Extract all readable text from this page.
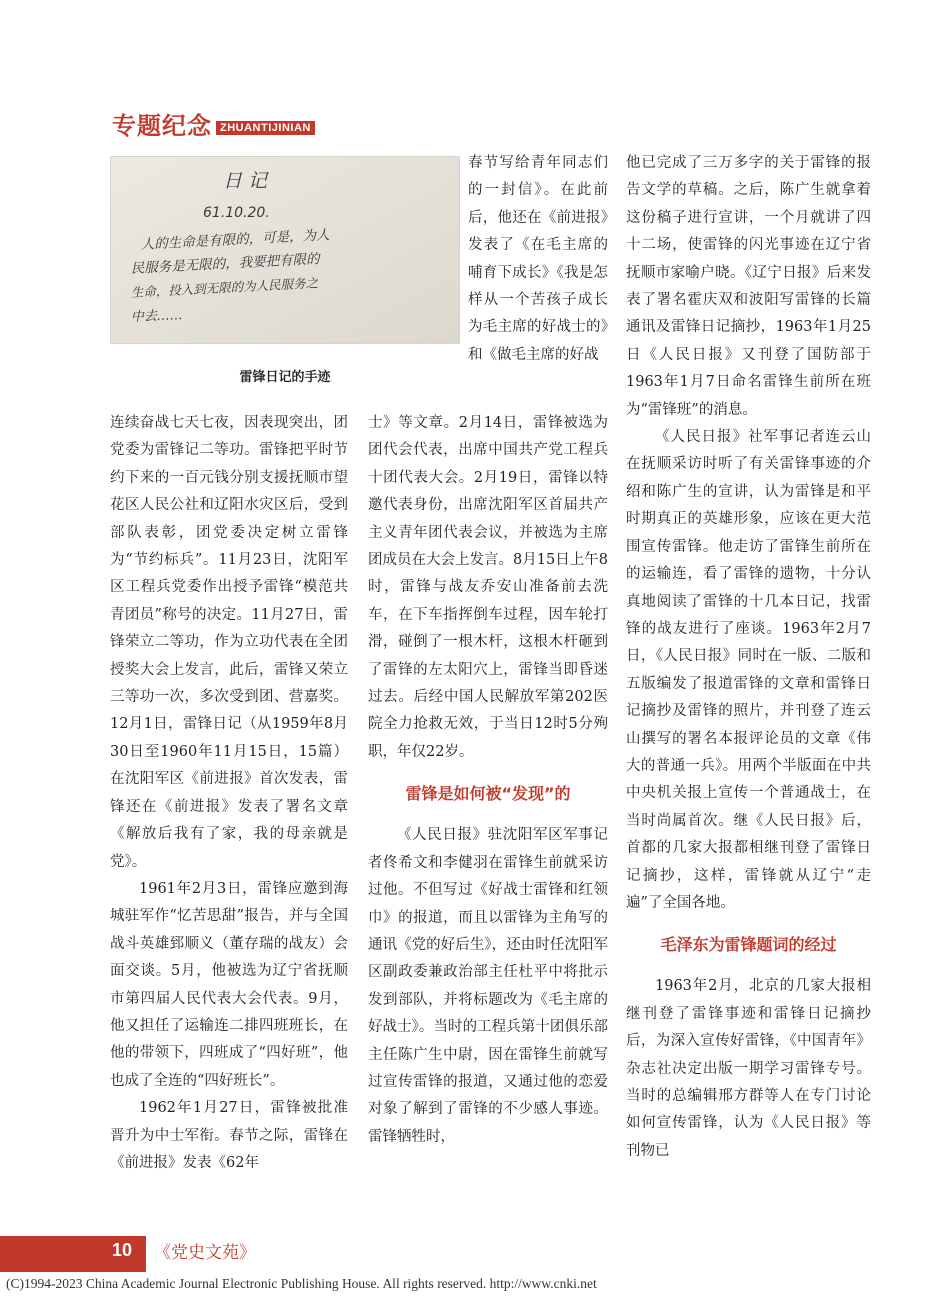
专题纪念 ZHUANTIJINIAN
日 记
61.10.20.
人的生命是有限的，可是，为人
民服务是无限的，我要把有限的
生命，投入到无限的为人民服务之
中去……
雷锋日记的手迹

春节写给青年同志们的一封信》。在此前后，他还在《前进报》发表了《在毛主席的哺育下成长》《我是怎样从一个苦孩子成长为毛主席的好战士的》和《做毛主席的好战

连续奋战七天七夜，因表现突出，团党委为雷锋记二等功。雷锋把平时节约下来的一百元钱分别支援抚顺市望花区人民公社和辽阳水灾区后，受到部队表彰，团党委决定树立雷锋为“节约标兵”。11月23日，沈阳军区工程兵党委作出授予雷锋“模范共青团员”称号的决定。11月27日，雷锋荣立二等功，作为立功代表在全团授奖大会上发言，此后，雷锋又荣立三等功一次，多次受到团、营嘉奖。12月1日，雷锋日记（从1959年8月30日至1960年11月15日，15篇）在沈阳军区《前进报》首次发表，雷锋还在《前进报》发表了署名文章《解放后我有了家，我的母亲就是党》。

1961年2月3日，雷锋应邀到海城驻军作“忆苦思甜”报告，并与全国战斗英雄郅顺义（董存瑞的战友）会面交谈。5月，他被选为辽宁省抚顺市第四届人民代表大会代表。9月，他又担任了运输连二排四班班长，在他的带领下，四班成了“四好班”，他也成了全连的“四好班长”。

1962年1月27日，雷锋被批准晋升为中士军衔。春节之际，雷锋在《前进报》发表《62年

士》等文章。2月14日，雷锋被选为团代会代表，出席中国共产党工程兵十团代表大会。2月19日，雷锋以特邀代表身份，出席沈阳军区首届共产主义青年团代表会议，并被选为主席团成员在大会上发言。8月15日上午8时，雷锋与战友乔安山准备前去洗车，在下车指挥倒车过程，因车轮打滑，碰倒了一根木杆，这根木杆砸到了雷锋的左太阳穴上，雷锋当即昏迷过去。后经中国人民解放军第202医院全力抢救无效，于当日12时5分殉职，年仅22岁。

雷锋是如何被“发现”的

《人民日报》驻沈阳军区军事记者佟希文和李健羽在雷锋生前就采访过他。不但写过《好战士雷锋和红领巾》的报道，而且以雷锋为主角写的通讯《党的好后生》，还由时任沈阳军区副政委兼政治部主任杜平中将批示发到部队，并将标题改为《毛主席的好战士》。当时的工程兵第十团俱乐部主任陈广生中尉，因在雷锋生前就写过宣传雷锋的报道，又通过他的恋爱对象了解到了雷锋的不少感人事迹。雷锋牺牲时，

他已完成了三万多字的关于雷锋的报告文学的草稿。之后，陈广生就拿着这份稿子进行宣讲，一个月就讲了四十二场，使雷锋的闪光事迹在辽宁省抚顺市家喻户晓。《辽宁日报》后来发表了署名霍庆双和波阳写雷锋的长篇通讯及雷锋日记摘抄，1963年1月25日《人民日报》又刊登了国防部于1963年1月7日命名雷锋生前所在班为“雷锋班”的消息。

《人民日报》社军事记者连云山在抚顺采访时听了有关雷锋事迹的介绍和陈广生的宣讲，认为雷锋是和平时期真正的英雄形象，应该在更大范围宣传雷锋。他走访了雷锋生前所在的运输连，看了雷锋的遗物，十分认真地阅读了雷锋的十几本日记，找雷锋的战友进行了座谈。1963年2月7日，《人民日报》同时在一版、二版和五版编发了报道雷锋的文章和雷锋日记摘抄及雷锋的照片，并刊登了连云山撰写的署名本报评论员的文章《伟大的普通一兵》。用两个半版面在中共中央机关报上宣传一个普通战士，在当时尚属首次。继《人民日报》后，首都的几家大报都相继刊登了雷锋日记摘抄，这样，雷锋就从辽宁“走遍”了全国各地。

毛泽东为雷锋题词的经过

1963年2月，北京的几家大报相继刊登了雷锋事迹和雷锋日记摘抄后，为深入宣传好雷锋，《中国青年》杂志社决定出版一期学习雷锋专号。当时的总编辑邢方群等人在专门讨论如何宣传雷锋，认为《人民日报》等刊物已

10 《党史文苑》
(C)1994-2023 China Academic Journal Electronic Publishing House. All rights reserved. http://www.cnki.net
